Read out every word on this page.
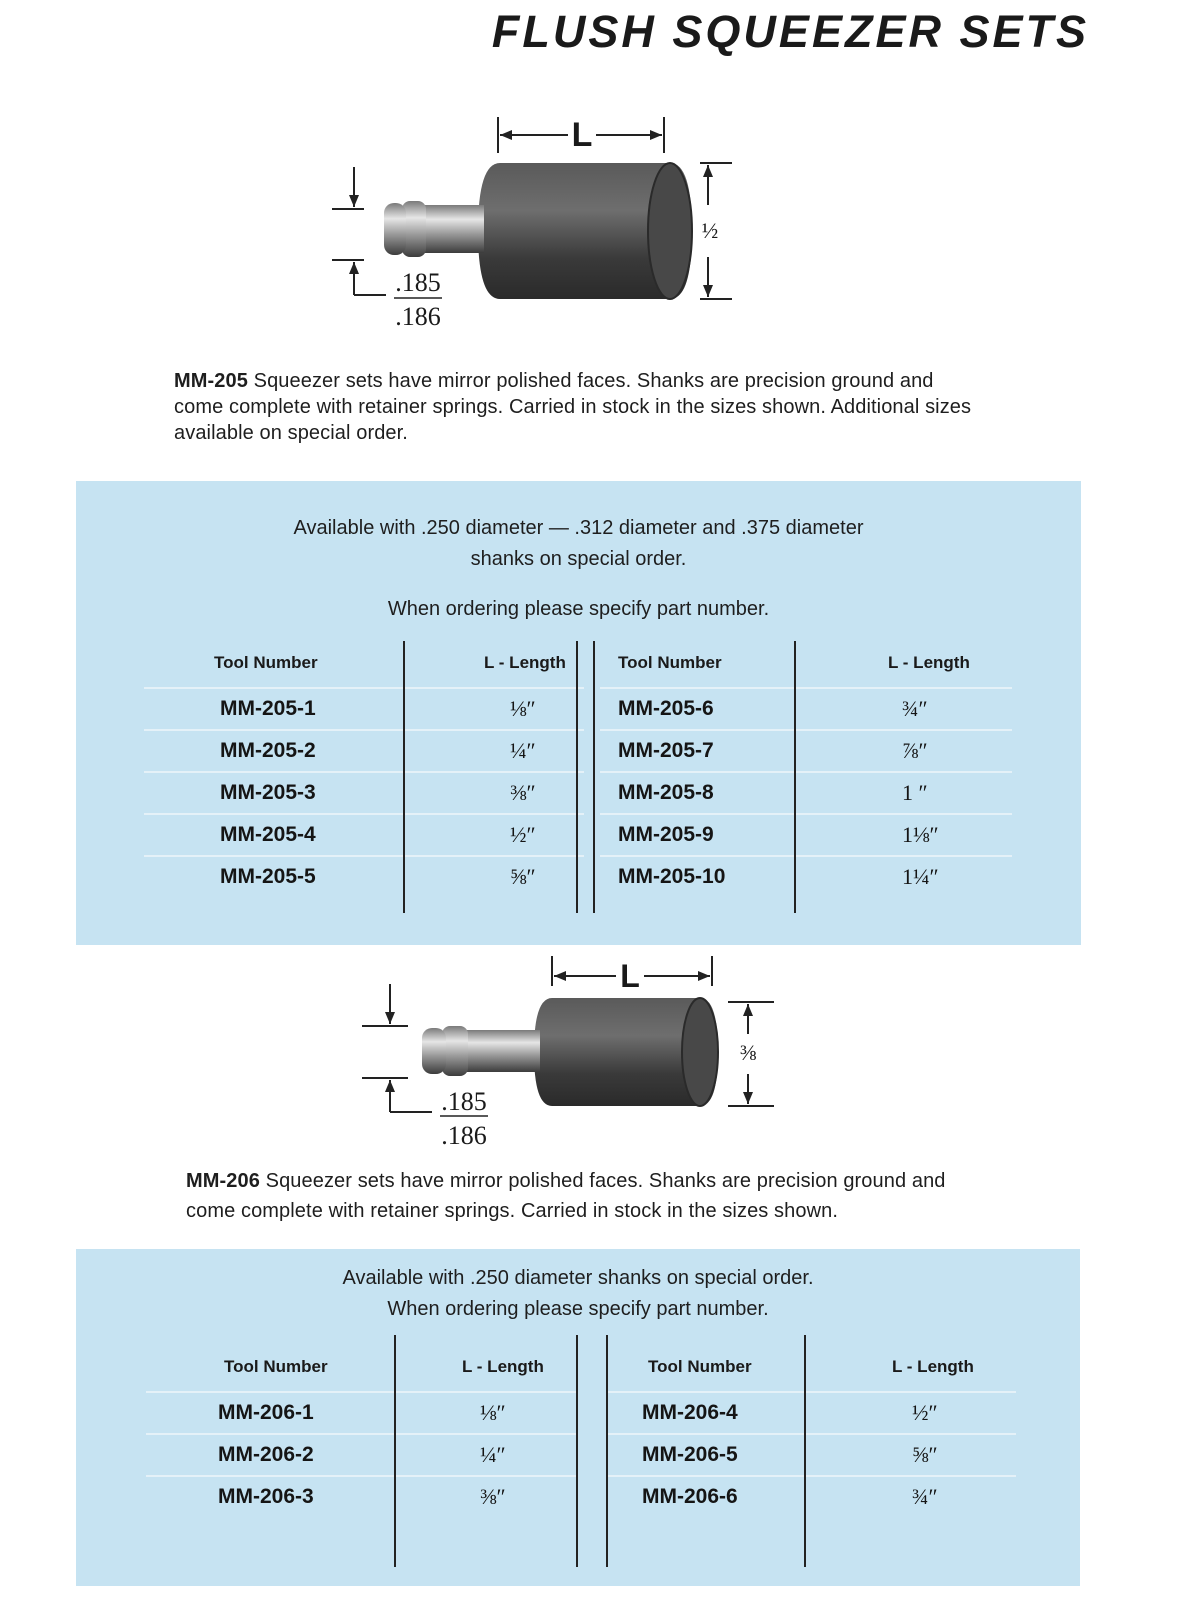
FLUSH SQUEEZER SETS
L
½
.185
.186
MM-205 Squeezer sets have mirror polished faces. Shanks are precision ground and come complete with retainer springs. Carried in stock in the sizes shown. Additional sizes available on special order.
Available with .250 diameter — .312 diameter and .375 diameter
shanks on special order.
When ordering please specify part number.
	Tool Number	L - Length
	MM-205-1	⅛″
	MM-205-2	¼″
	MM-205-3	⅜″
	MM-205-4	½″
	MM-205-5	⅝″
	Tool Number	L - Length
	MM-205-6	¾″
	MM-205-7	⅞″
	MM-205-8	1 ″
	MM-205-9	1⅛″
	MM-205-10	1¼″
L
⅜
.185
.186
MM-206 Squeezer sets have mirror polished faces. Shanks are precision ground and come complete with retainer springs. Carried in stock in the sizes shown.
Available with .250 diameter shanks on special order.
When ordering please specify part number.
	Tool Number	L - Length
	MM-206-1	⅛″
	MM-206-2	¼″
	MM-206-3	⅜″
	Tool Number	L - Length
	MM-206-4	½″
	MM-206-5	⅝″
	MM-206-6	¾″
